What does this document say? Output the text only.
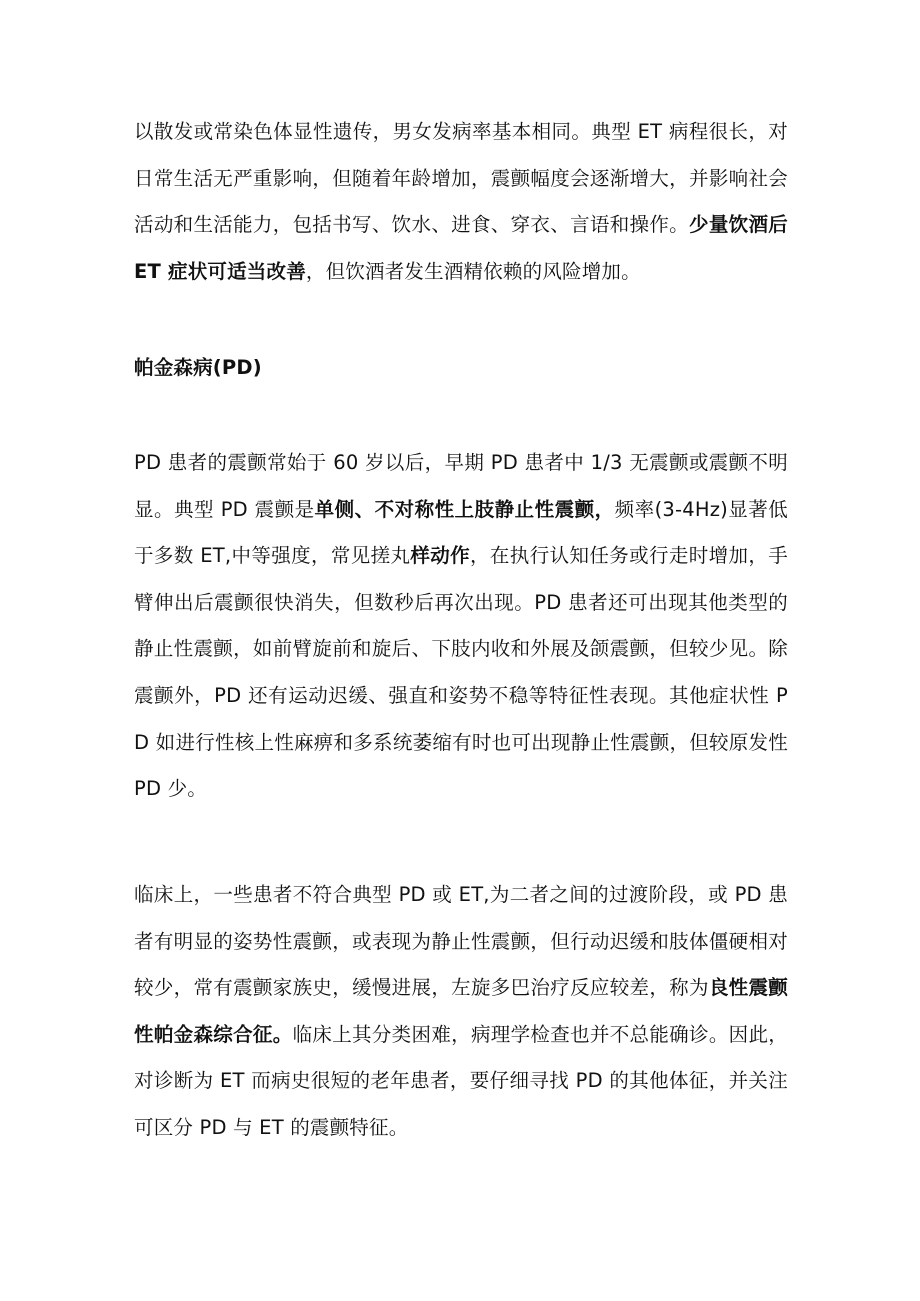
以散发或常染色体显性遗传，男女发病率基本相同。典型 ET 病程很长，对日常生活无严重影响，但随着年龄增加，震颤幅度会逐渐增大，并影响社会活动和生活能力，包括书写、饮水、进食、穿衣、言语和操作。少量饮酒后 ET 症状可适当改善，但饮酒者发生酒精依赖的风险增加。

帕金森病(PD)

PD 患者的震颤常始于 60 岁以后，早期 PD 患者中 1/3 无震颤或震颤不明显。典型 PD 震颤是单侧、不对称性上肢静止性震颤，频率(3-4Hz)显著低于多数 ET,中等强度，常见搓丸样动作，在执行认知任务或行走时增加，手臂伸出后震颤很快消失，但数秒后再次出现。PD 患者还可出现其他类型的静止性震颤，如前臂旋前和旋后、下肢内收和外展及颌震颤，但较少见。除震颤外，PD 还有运动迟缓、强直和姿势不稳等特征性表现。其他症状性 PD 如进行性核上性麻痹和多系统萎缩有时也可出现静止性震颤，但较原发性 PD 少。

临床上，一些患者不符合典型 PD 或 ET,为二者之间的过渡阶段，或 PD 患者有明显的姿势性震颤，或表现为静止性震颤，但行动迟缓和肢体僵硬相对较少，常有震颤家族史，缓慢进展，左旋多巴治疗反应较差，称为良性震颤性帕金森综合征。临床上其分类困难，病理学检查也并不总能确诊。因此，对诊断为 ET 而病史很短的老年患者，要仔细寻找 PD 的其他体征，并关注可区分 PD 与 ET 的震颤特征。
